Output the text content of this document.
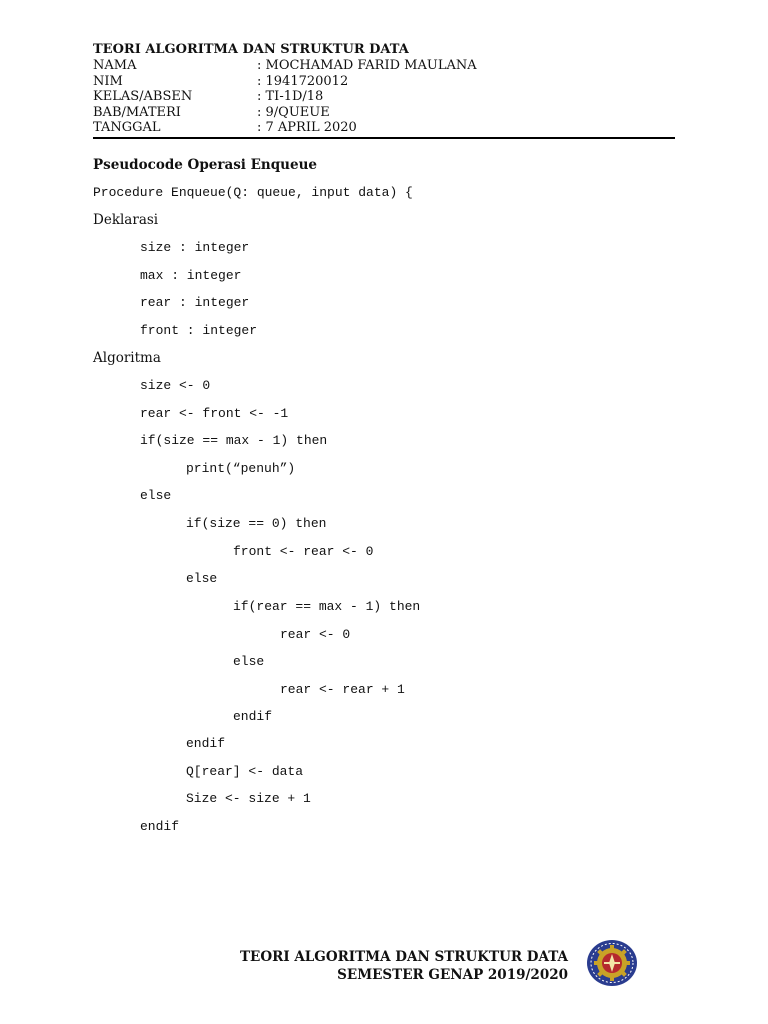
TEORI ALGORITMA DAN STRUKTUR DATA
NAMA	: MOCHAMAD FARID MAULANA
NIM	: 1941720012
KELAS/ABSEN	: TI-1D/18
BAB/MATERI	: 9/QUEUE
TANGGAL	: 7 APRIL 2020
Pseudocode Operasi Enqueue
Procedure Enqueue(Q: queue, input data) {
Deklarasi
size : integer
max : integer
rear : integer
front : integer
Algoritma
size <- 0
rear <- front <- -1
if(size == max - 1) then
print(“penuh”)
else
if(size == 0) then
front <- rear <- 0
else
if(rear == max - 1) then
rear <- 0
else
rear <- rear + 1
endif
endif
Q[rear] <- data
Size <- size + 1
endif
TEORI ALGORITMA DAN STRUKTUR DATA
SEMESTER GENAP 2019/2020
